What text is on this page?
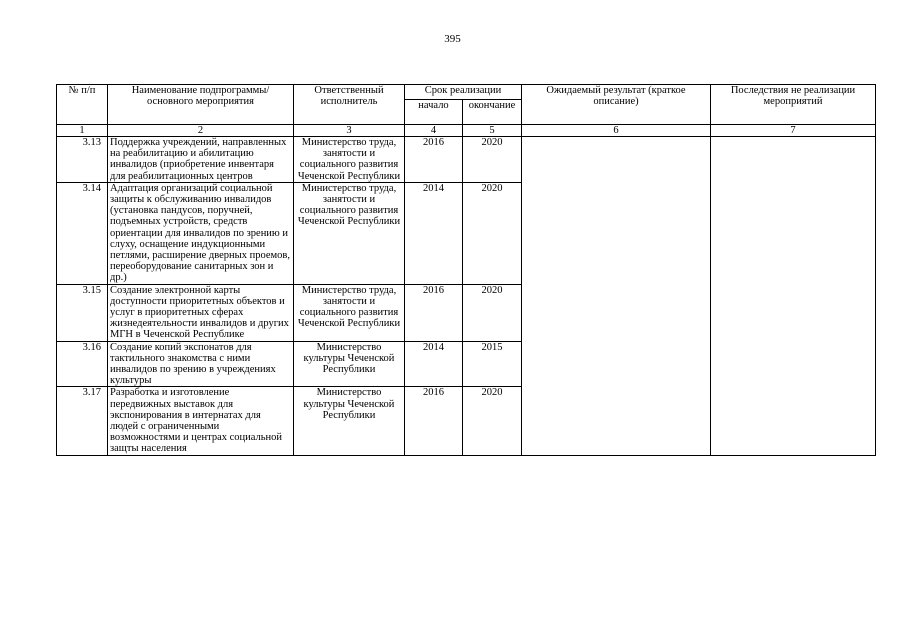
395
№ п/п	Наименование подпрограммы/ основного мероприятия	Ответственный исполнитель	Срок реализации		Ожидаемый результат (краткое описание)	Последствия не реализации мероприятий
			начало	окончание		
1	2	3	4	5	6	7
3.13	Поддержка учреждений, направленных на реабилитацию и абилитацию инвалидов (приобретение инвентаря для реабилитационных центров	Министерство труда, занятости и социального развития Чеченской Республики	2016	2020		
3.14	Адаптация организаций социальной защиты к обслуживанию инвалидов (установка пандусов, поручней, подъемных устройств, средств ориентации для инвалидов по зрению и слуху, оснащение индукционными петлями, расширение дверных проемов, переоборудование санитарных зон и др.)	Министерство труда, занятости и социального развития Чеченской Республики	2014	2020		
3.15	Создание электронной карты доступности приоритетных объектов и услуг в приоритетных сферах жизнедеятельности инвалидов и других МГН в Чеченской Республике	Министерство труда, занятости и социального развития Чеченской Республики	2016	2020		
3.16	Создание копий экспонатов для тактильного знакомства с ними инвалидов по зрению в учреждениях культуры	Министерство культуры Чеченской Республики	2014	2015		
3.17	Разработка и изготовление передвижных выставок для экспонирования в интернатах для людей с ограниченными возможностями и центрах социальной защты населения	Министерство культуры Чеченской Республики	2016	2020		
